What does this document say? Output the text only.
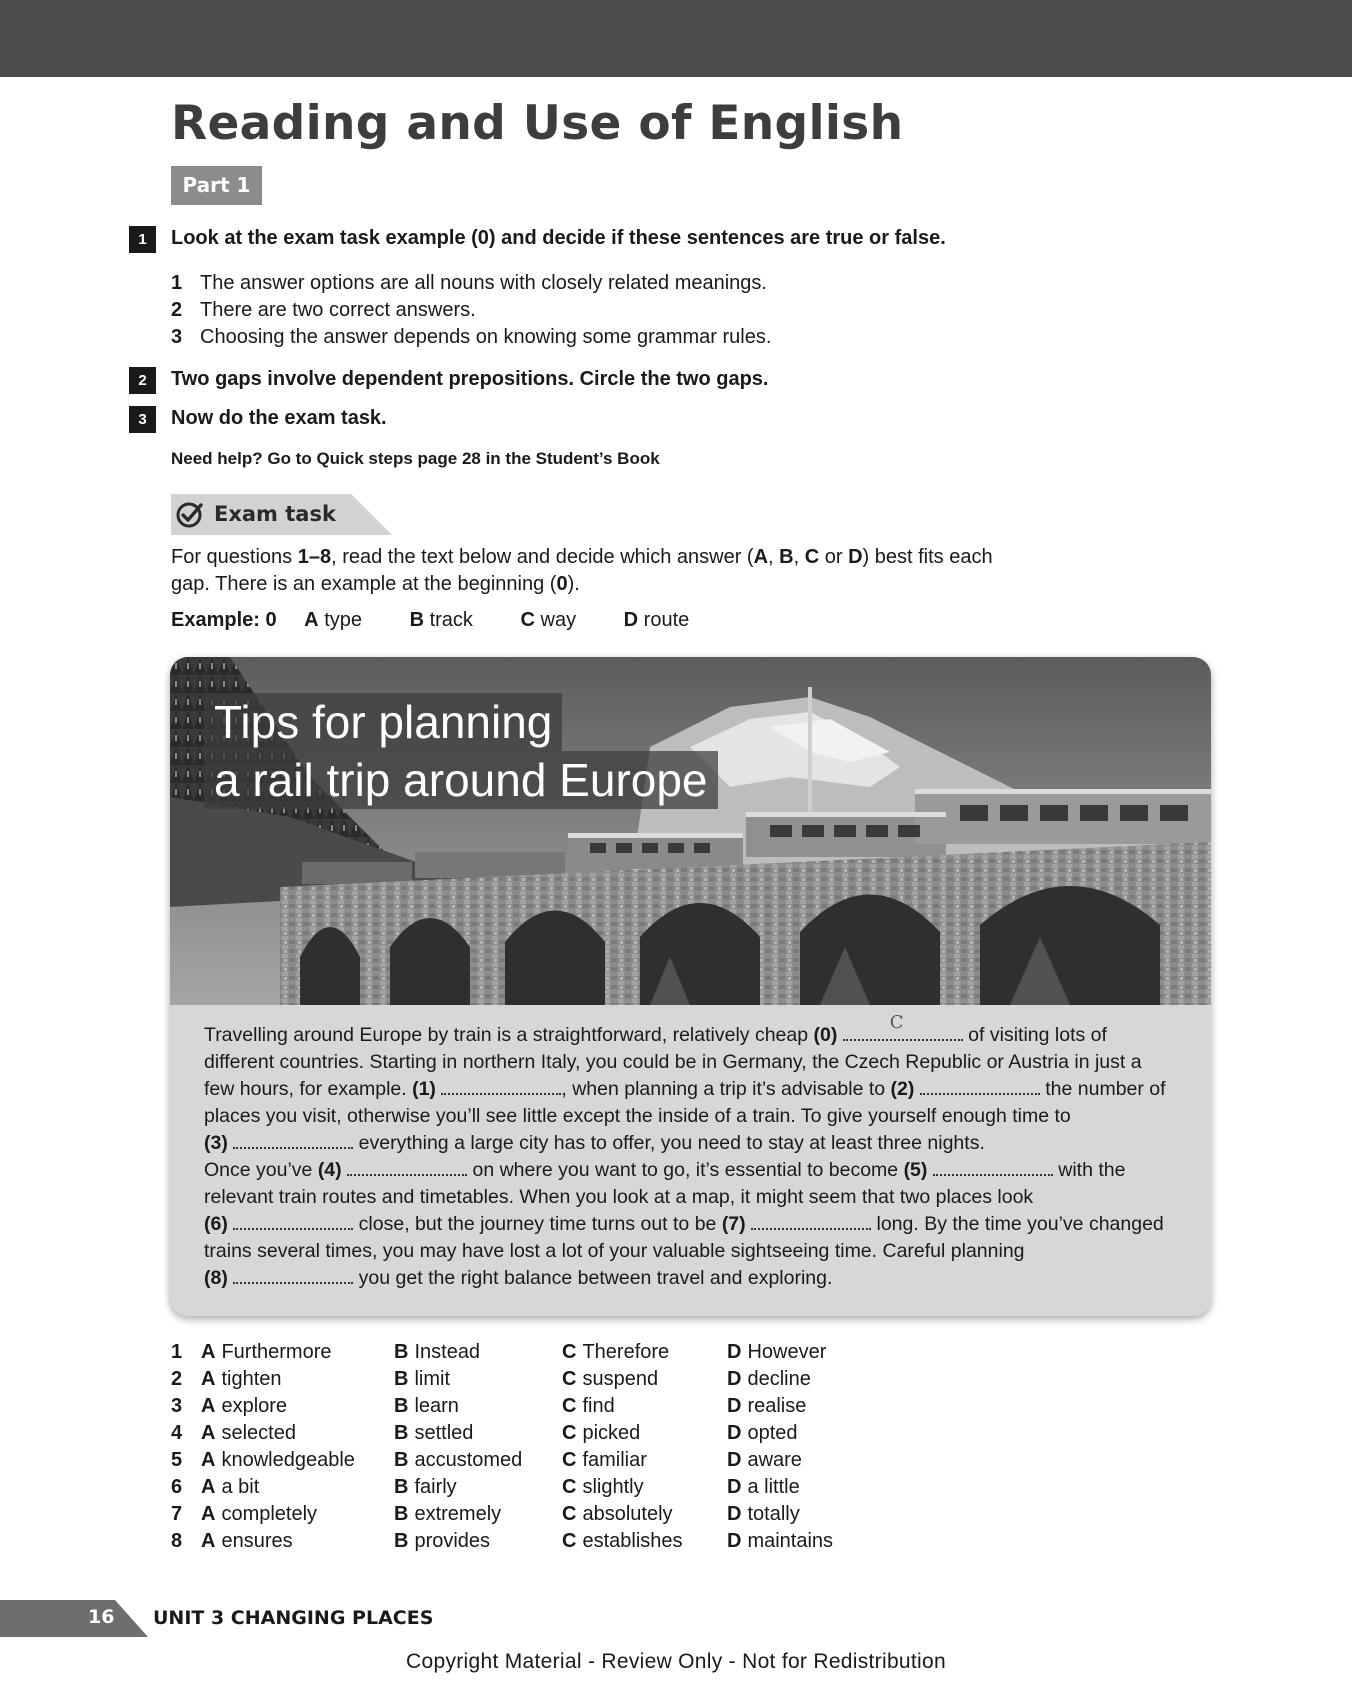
Reading and Use of English
Part 1
1	Look at the exam task example (0) and decide if these sentences are true or false.
1 The answer options are all nouns with closely related meanings.
2 There are two correct answers.
3 Choosing the answer depends on knowing some grammar rules.
2	Two gaps involve dependent prepositions. Circle the two gaps.
3	Now do the exam task.
Need help? Go to Quick steps page 28 in the Student’s Book
Exam task
For questions 1–8, read the text below and decide which answer (A, B, C or D) best fits each gap. There is an example at the beginning (0).
Example: 0 A type B track C way D route
Tips for planning
a rail trip around Europe
Travelling around Europe by train is a straightforward, relatively cheap (0)
C
of visiting lots of
different countries. Starting in northern Italy, you could be in Germany, the Czech Republic or Austria in just a
few hours, for example. (1)	, when planning a trip it’s advisable to (2)	the number of
places you visit, otherwise you’ll see little except the inside of a train. To give yourself enough time to
(3)	everything a large city has to offer, you need to stay at least three nights.
Once you’ve (4)	on where you want to go, it’s essential to become (5)	with the
relevant train routes and timetables. When you look at a map, it might seem that two places look
(6)	close, but the journey time turns out to be (7)	long. By the time you’ve changed
trains several times, you may have lost a lot of your valuable sightseeing time. Careful planning
(8)	you get the right balance between travel and exploring.
1 A Furthermore	B Instead	C Therefore	D However
2 A tighten	B limit	C suspend	D decline
3 A explore	B learn	C find	D realise
4 A selected	B settled	C picked	D opted
5 A knowledgeable B accustomed C familiar	D aware
6 A a bit	B fairly	C slightly	D a little
7 A completely	B extremely	C absolutely	D totally
8 A ensures	B provides	C establishes D maintains
16 UNIT 3 CHANGING PLACES
Copyright Material - Review Only - Not for Redistribution
